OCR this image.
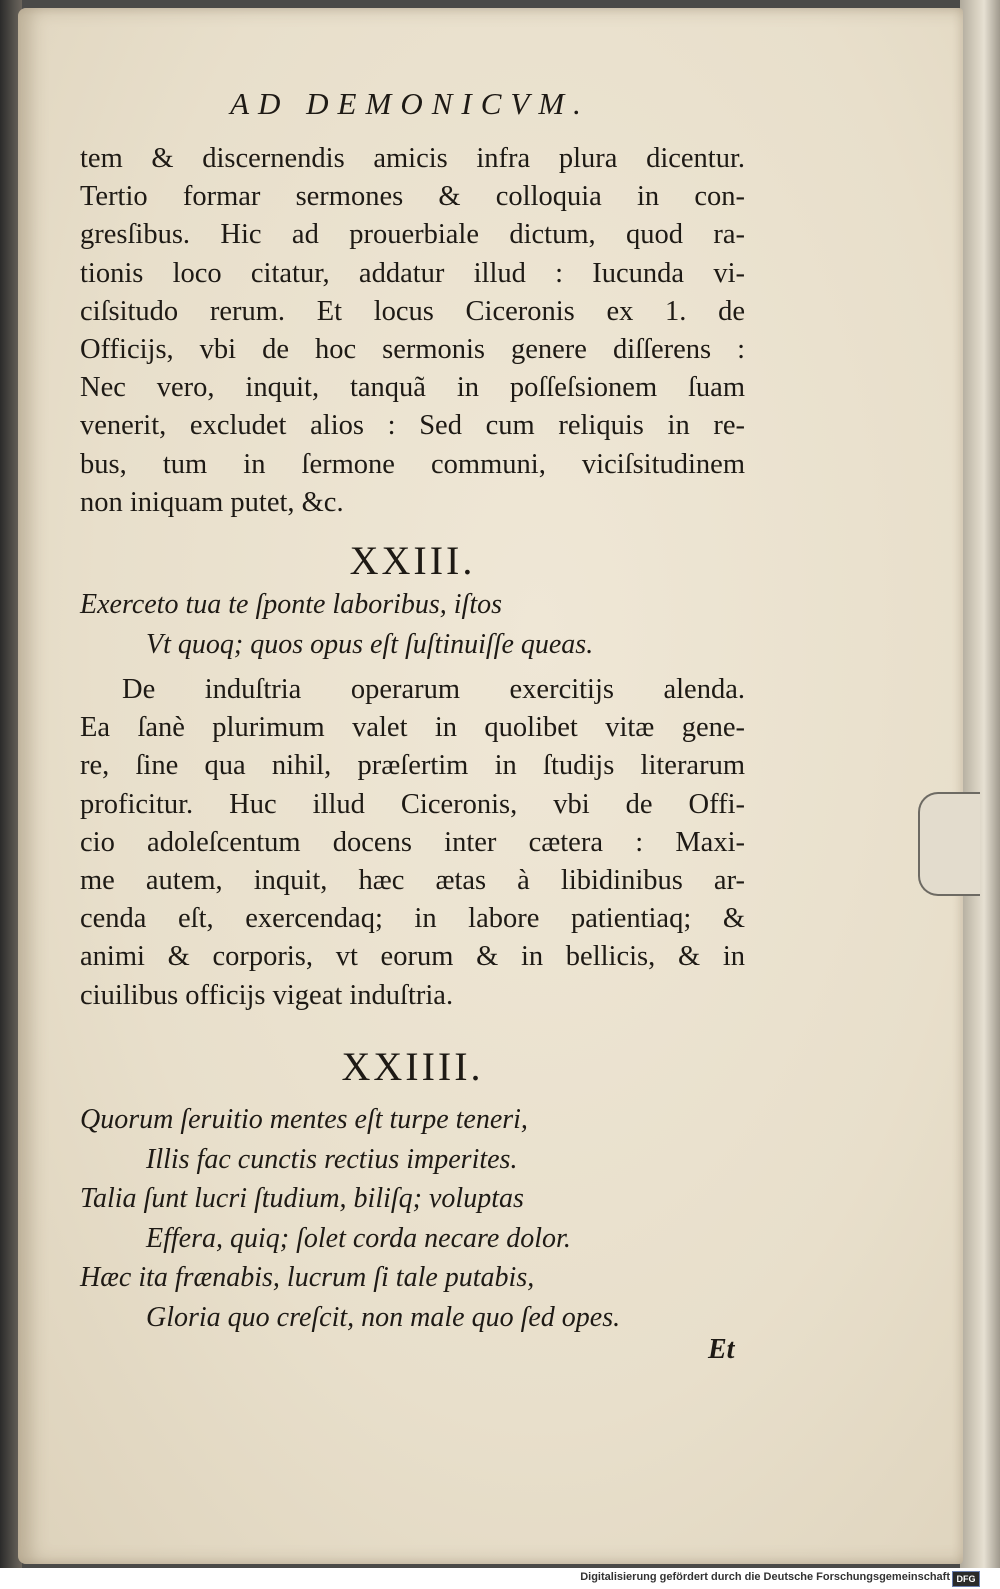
AD DEMONICVM.
tem & discernendis amicis infra plura dicentur.
Tertio formar sermones & colloquia in con-
gresſibus. Hic ad prouerbiale dictum, quod ra-
tionis loco citatur, addatur illud : Iucunda vi-
ciſsitudo rerum. Et locus Ciceronis ex 1. de
Officijs, vbi de hoc sermonis genere diſſerens :
Nec vero, inquit, tanquã in poſſeſsionem ſuam
venerit, excludet alios : Sed cum reliquis in re-
bus, tum in ſermone communi, viciſsitudinem
non iniquam putet, &c.
XXIII.
Exerceto tua te ſponte laboribus, iſtos
Vt quoq; quos opus eſt ſuſtinuiſſe queas.
De induſtria operarum exercitijs alenda.
Ea ſanè plurimum valet in quolibet vitæ gene-
re, ſine qua nihil, præſertim in ſtudijs literarum
proficitur. Huc illud Ciceronis, vbi de Offi-
cio adoleſcentum docens inter cætera : Maxi-
me autem, inquit, hæc ætas à libidinibus ar-
cenda eſt, exercendaq; in labore patientiaq; &
animi & corporis, vt eorum & in bellicis, & in
ciuilibus officijs vigeat induſtria.
XXIIII.
Quorum ſeruitio mentes eſt turpe teneri,
Illis fac cunctis rectius imperites.
Talia ſunt lucri ſtudium, biliſq; voluptas
Effera, quiq; ſolet corda necare dolor.
Hæc ita frænabis, lucrum ſi tale putabis,
Gloria quo creſcit, non male quo ſed opes.
Et
Digitalisierung gefördert durch die Deutsche Forschungsgemeinschaft DFG
